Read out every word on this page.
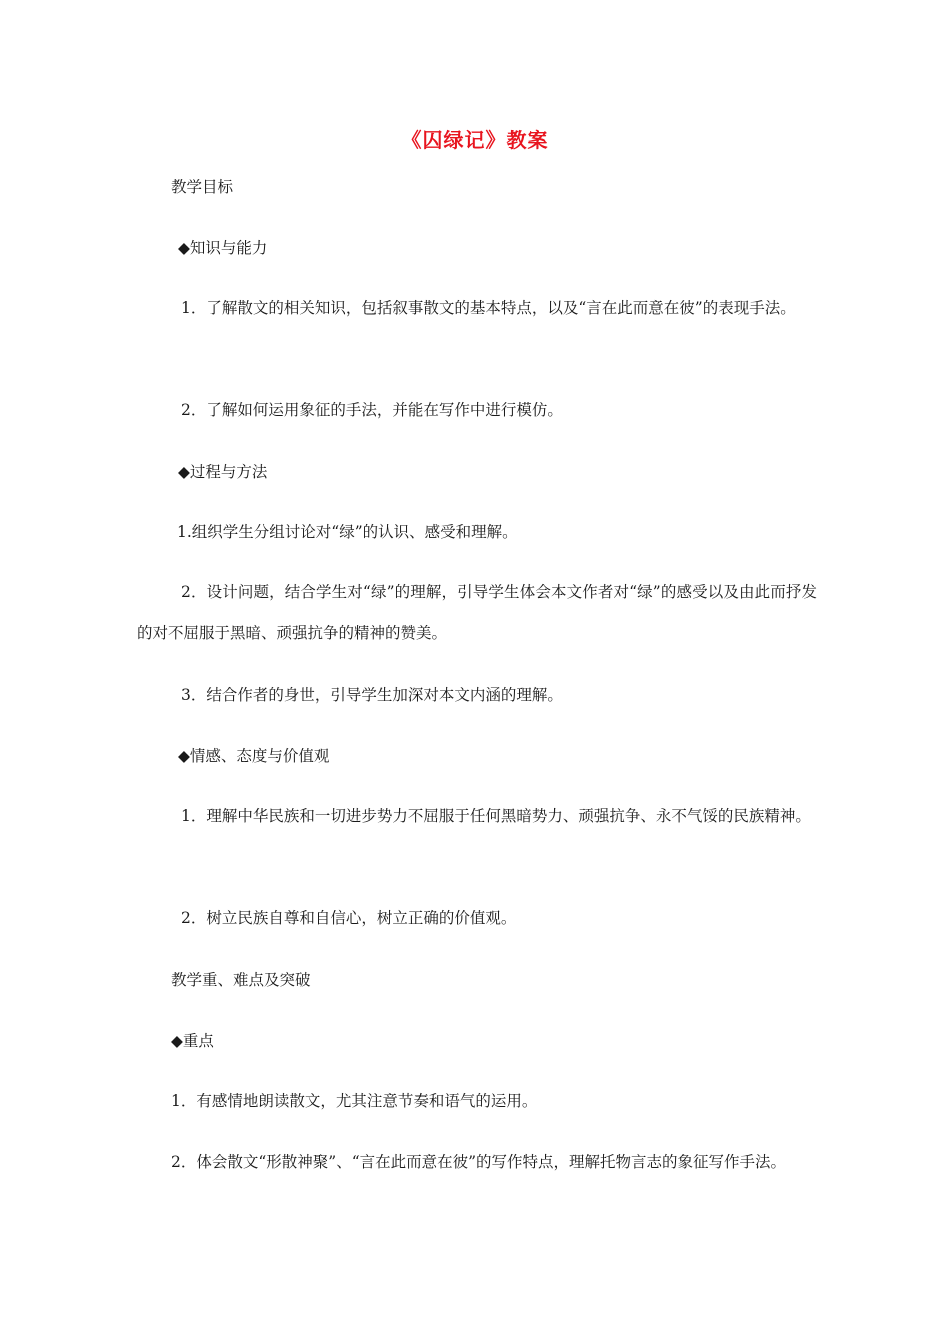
《囚绿记》教案
教学目标
◆知识与能力
1．了解散文的相关知识，包括叙事散文的基本特点，以及“言在此而意在彼”的表现手法。
2．了解如何运用象征的手法，并能在写作中进行模仿。
◆过程与方法
1.组织学生分组讨论对“绿”的认识、感受和理解。
2．设计问题，结合学生对“绿”的理解，引导学生体会本文作者对“绿”的感受以及由此而抒发的对不屈服于黑暗、顽强抗争的精神的赞美。
3．结合作者的身世，引导学生加深对本文内涵的理解。
◆情感、态度与价值观
1．理解中华民族和一切进步势力不屈服于任何黑暗势力、顽强抗争、永不气馁的民族精神。
2．树立民族自尊和自信心，树立正确的价值观。
教学重、难点及突破
◆重点
1．有感情地朗读散文，尤其注意节奏和语气的运用。
2．体会散文“形散神聚”、“言在此而意在彼”的写作特点，理解托物言志的象征写作手法。
